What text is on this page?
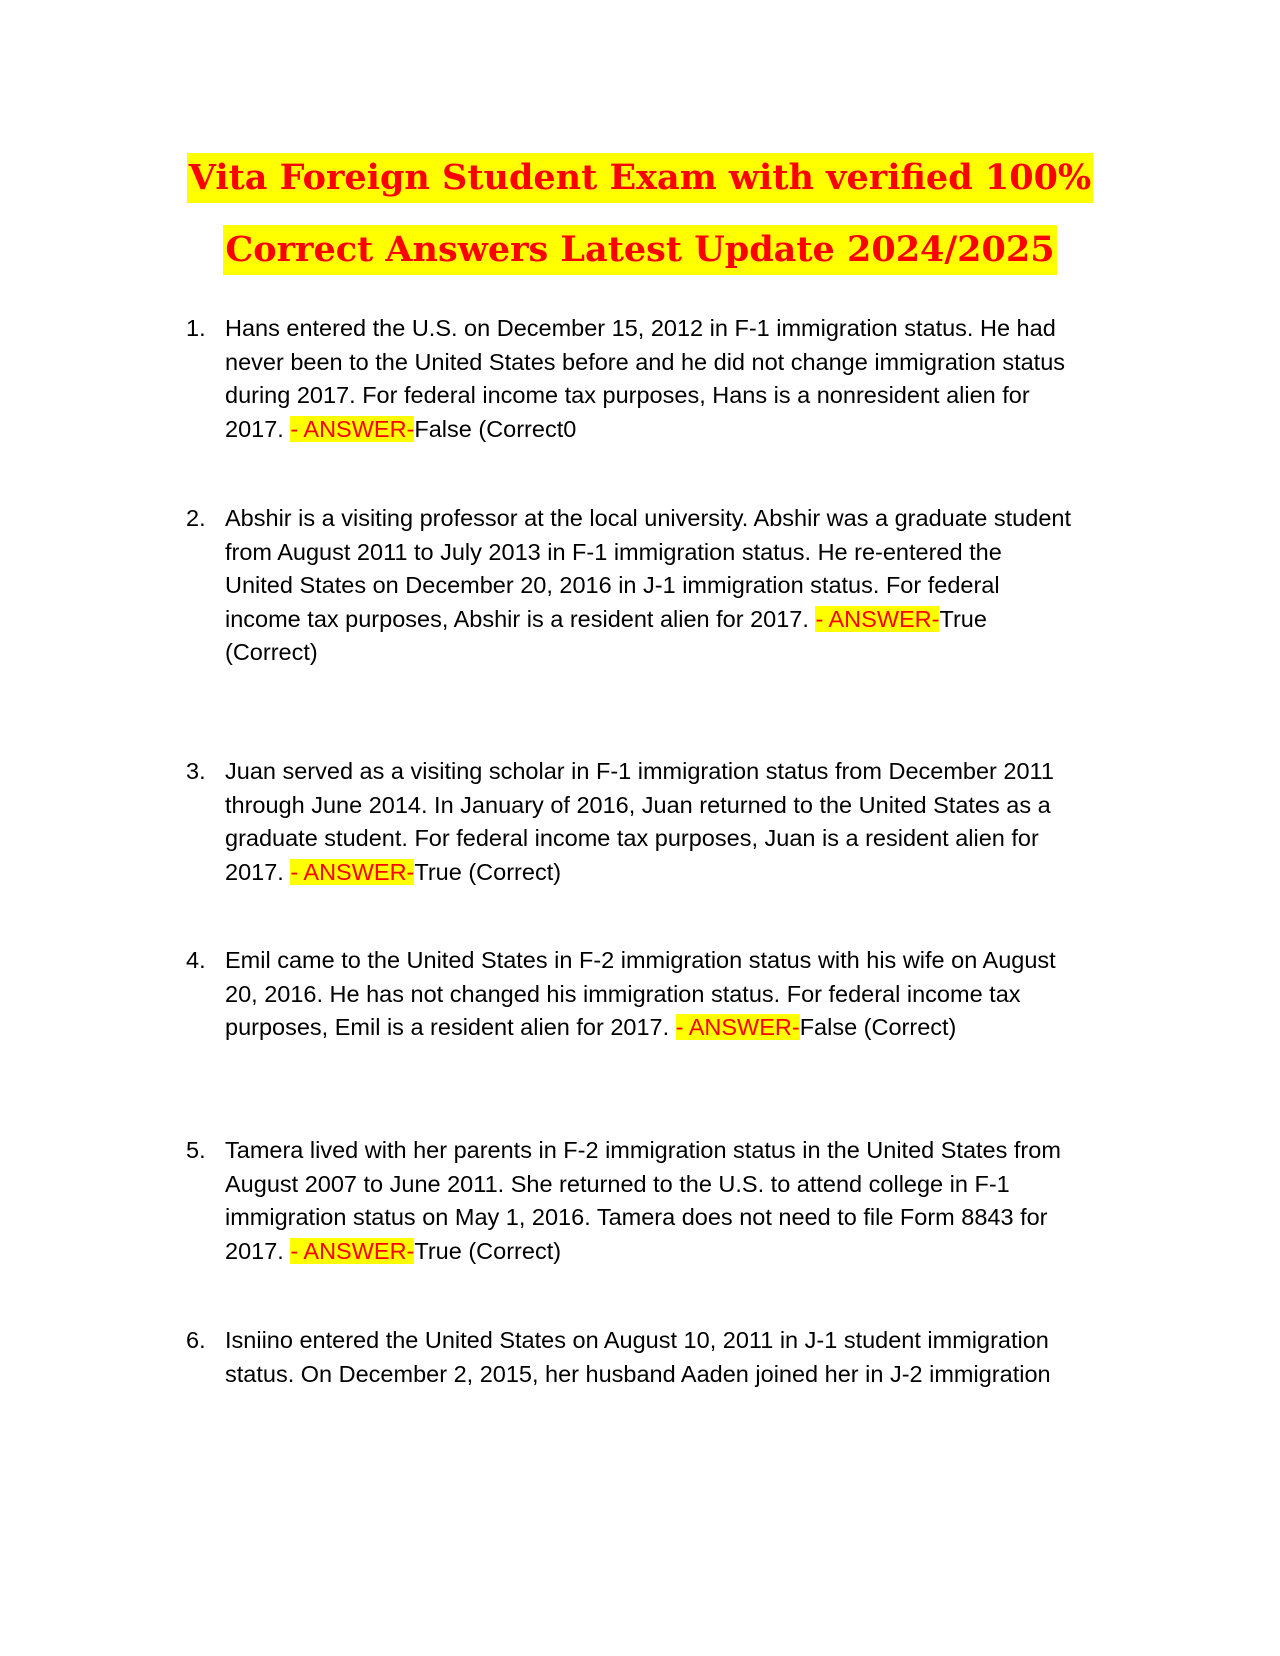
Vita Foreign Student Exam with verified 100%
Correct Answers Latest Update 2024/2025
1. Hans entered the U.S. on December 15, 2012 in F-1 immigration status. He had
never been to the United States before and he did not change immigration status
during 2017. For federal income tax purposes, Hans is a nonresident alien for
2017. - ANSWER-False (Correct0
2. Abshir is a visiting professor at the local university. Abshir was a graduate student
from August 2011 to July 2013 in F-1 immigration status. He re-entered the
United States on December 20, 2016 in J-1 immigration status. For federal
income tax purposes, Abshir is a resident alien for 2017. - ANSWER-True
(Correct)
3. Juan served as a visiting scholar in F-1 immigration status from December 2011
through June 2014. In January of 2016, Juan returned to the United States as a
graduate student. For federal income tax purposes, Juan is a resident alien for
2017. - ANSWER-True (Correct)
4. Emil came to the United States in F-2 immigration status with his wife on August
20, 2016. He has not changed his immigration status. For federal income tax
purposes, Emil is a resident alien for 2017. - ANSWER-False (Correct)
5. Tamera lived with her parents in F-2 immigration status in the United States from
August 2007 to June 2011. She returned to the U.S. to attend college in F-1
immigration status on May 1, 2016. Tamera does not need to file Form 8843 for
2017. - ANSWER-True (Correct)
6. Isniino entered the United States on August 10, 2011 in J-1 student immigration
status. On December 2, 2015, her husband Aaden joined her in J-2 immigration
